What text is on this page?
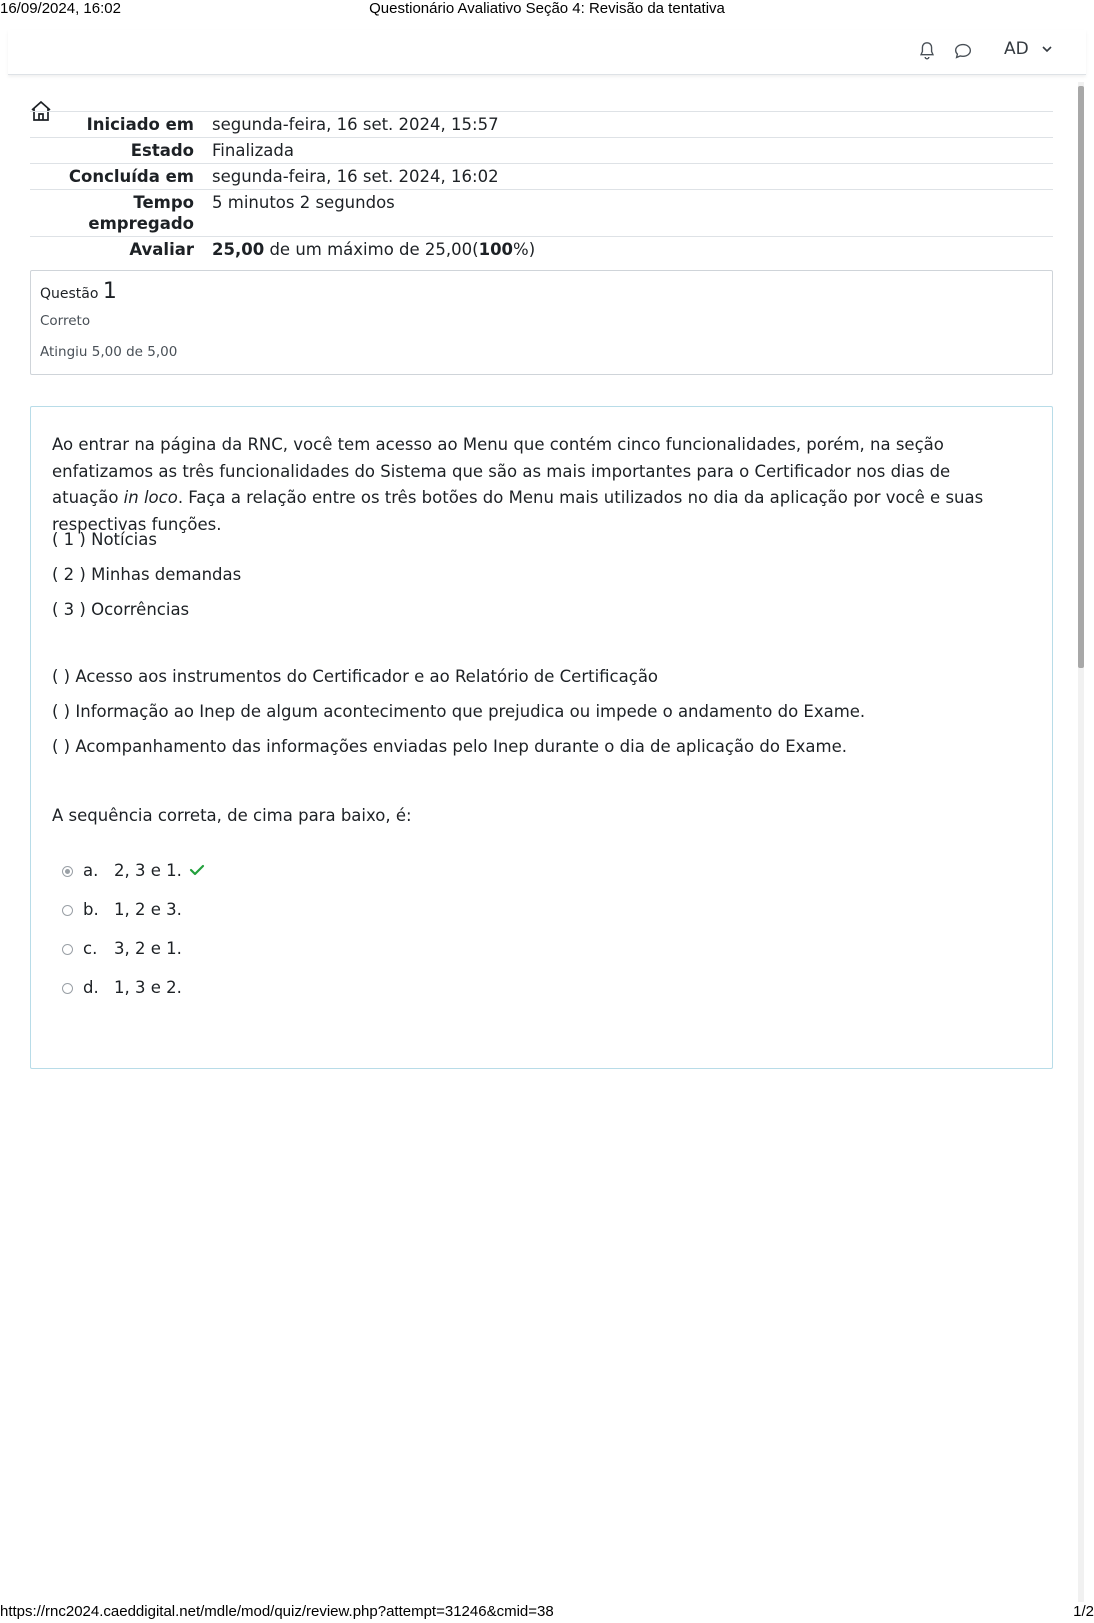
16/09/2024, 16:02	Questionário Avaliativo Seção 4: Revisão da tentativa
AD
Iniciado em	segunda-feira, 16 set. 2024, 15:57
Estado	Finalizada
Concluída em	segunda-feira, 16 set. 2024, 16:02
Tempo
empregado	5 minutos 2 segundos
Avaliar	25,00 de um máximo de 25,00(100%)
Questão 1
Correto
Atingiu 5,00 de 5,00
Ao entrar na página da RNC, você tem acesso ao Menu que contém cinco funcionalidades, porém, na seção enfatizamos as três funcionalidades do Sistema que são as mais importantes para o Certificador nos dias de atuação in loco. Faça a relação entre os três botões do Menu mais utilizados no dia da aplicação por você e suas respectivas funções.
( 1 ) Notícias
( 2 ) Minhas demandas
( 3 ) Ocorrências
( ) Acesso aos instrumentos do Certificador e ao Relatório de Certificação
( ) Informação ao Inep de algum acontecimento que prejudica ou impede o andamento do Exame.
( ) Acompanhamento das informações enviadas pelo Inep durante o dia de aplicação do Exame.
A sequência correta, de cima para baixo, é:
a. 2, 3 e 1.
b. 1, 2 e 3.
c.	3, 2 e 1.
d. 1, 3 e 2.
https://rnc2024.caeddigital.net/mdle/mod/quiz/review.php?attempt=31246&cmid=38	1/2
